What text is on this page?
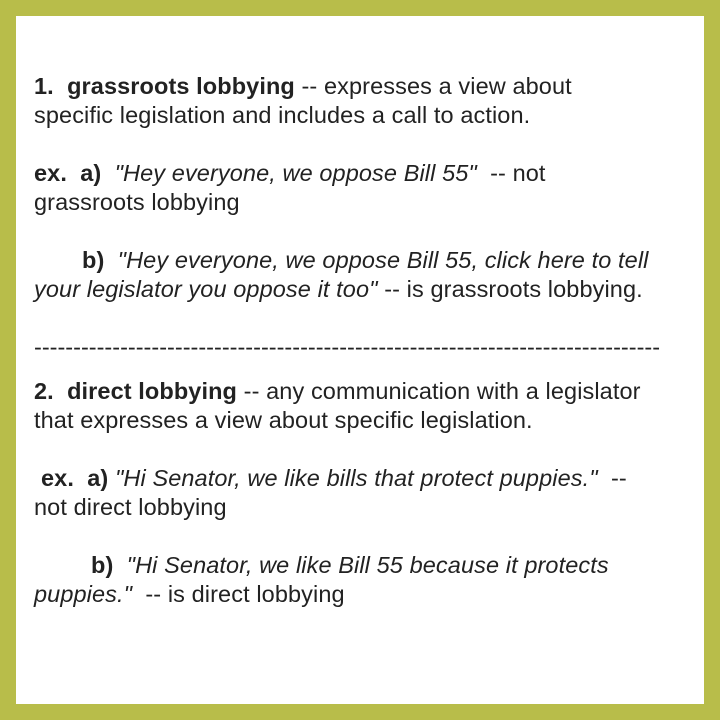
1. grassroots lobbying -- expresses a view about
specific legislation and includes a call to action.
ex. a) "Hey everyone, we oppose Bill 55"  -- not
grassroots lobbying
b) "Hey everyone, we oppose Bill 55, click here to tell
your legislator you oppose it too" -- is grassroots lobbying.
--------------------------------------------------------------------------------
2. direct lobbying -- any communication with a legislator
that expresses a view about specific legislation.
ex. a) "Hi Senator, we like bills that protect puppies."  --
not direct lobbying
b) "Hi Senator, we like Bill 55 because it protects
puppies."  -- is direct lobbying
